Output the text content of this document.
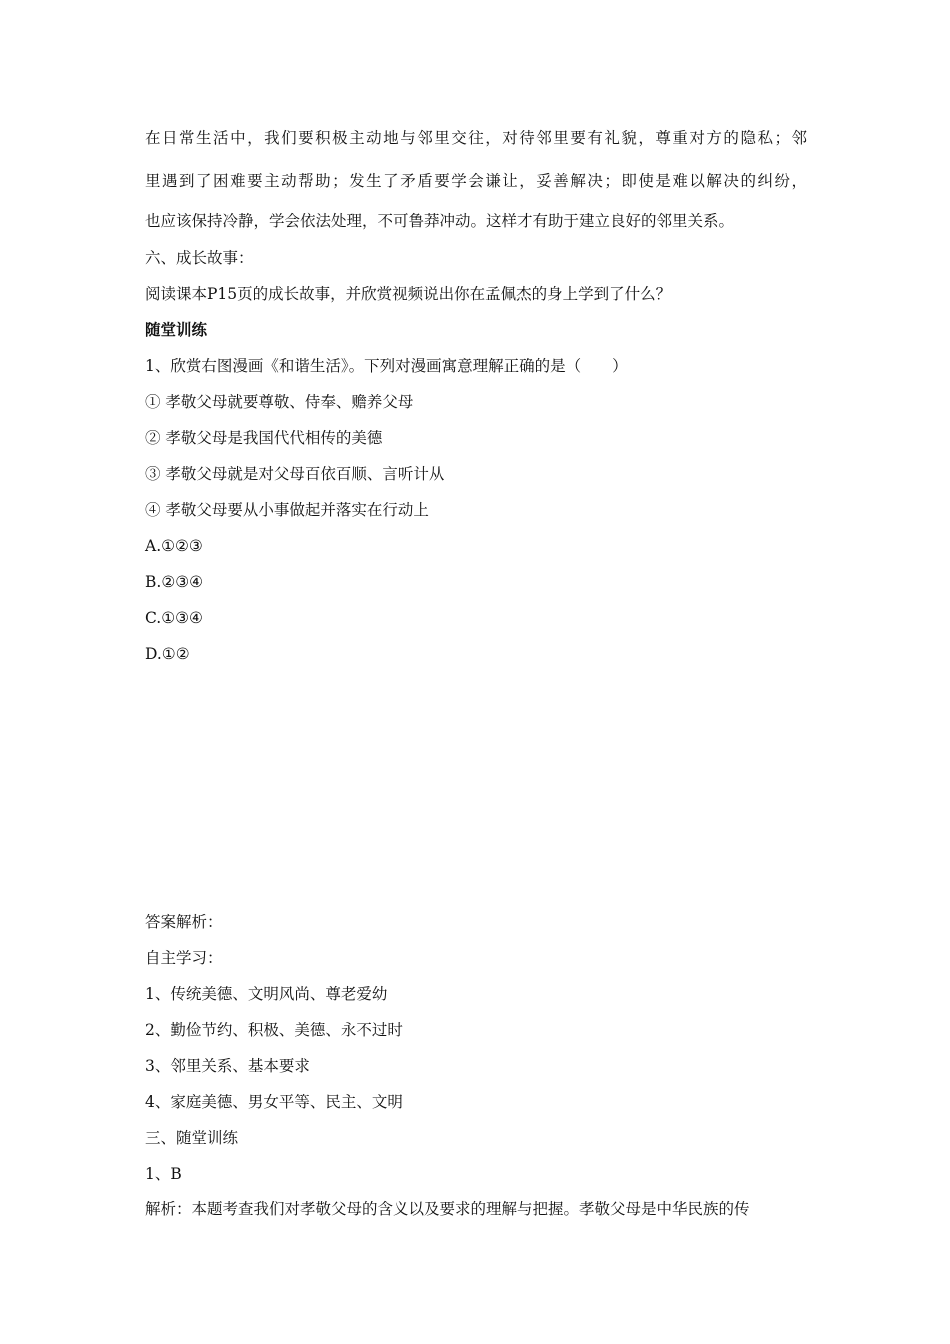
在日常生活中，我们要积极主动地与邻里交往，对待邻里要有礼貌，尊重对方的隐私；邻
里遇到了困难要主动帮助；发生了矛盾要学会谦让，妥善解决；即使是难以解决的纠纷，
也应该保持冷静，学会依法处理，不可鲁莽冲动。这样才有助于建立良好的邻里关系。
六、成长故事：
阅读课本P15页的成长故事，并欣赏视频说出你在孟佩杰的身上学到了什么？
随堂训练
1、欣赏右图漫画《和谐生活》。下列对漫画寓意理解正确的是（　　）
① 孝敬父母就要尊敬、侍奉、赡养父母
② 孝敬父母是我国代代相传的美德
③ 孝敬父母就是对父母百依百顺、言听计从
④ 孝敬父母要从小事做起并落实在行动上
A.①②③
B.②③④
C.①③④
D.①②
答案解析：
自主学习：
1、传统美德、文明风尚、尊老爱幼
2、勤俭节约、积极、美德、永不过时
3、邻里关系、基本要求
4、家庭美德、男女平等、民主、文明
三、随堂训练
1、B
解析：本题考查我们对孝敬父母的含义以及要求的理解与把握。孝敬父母是中华民族的传
